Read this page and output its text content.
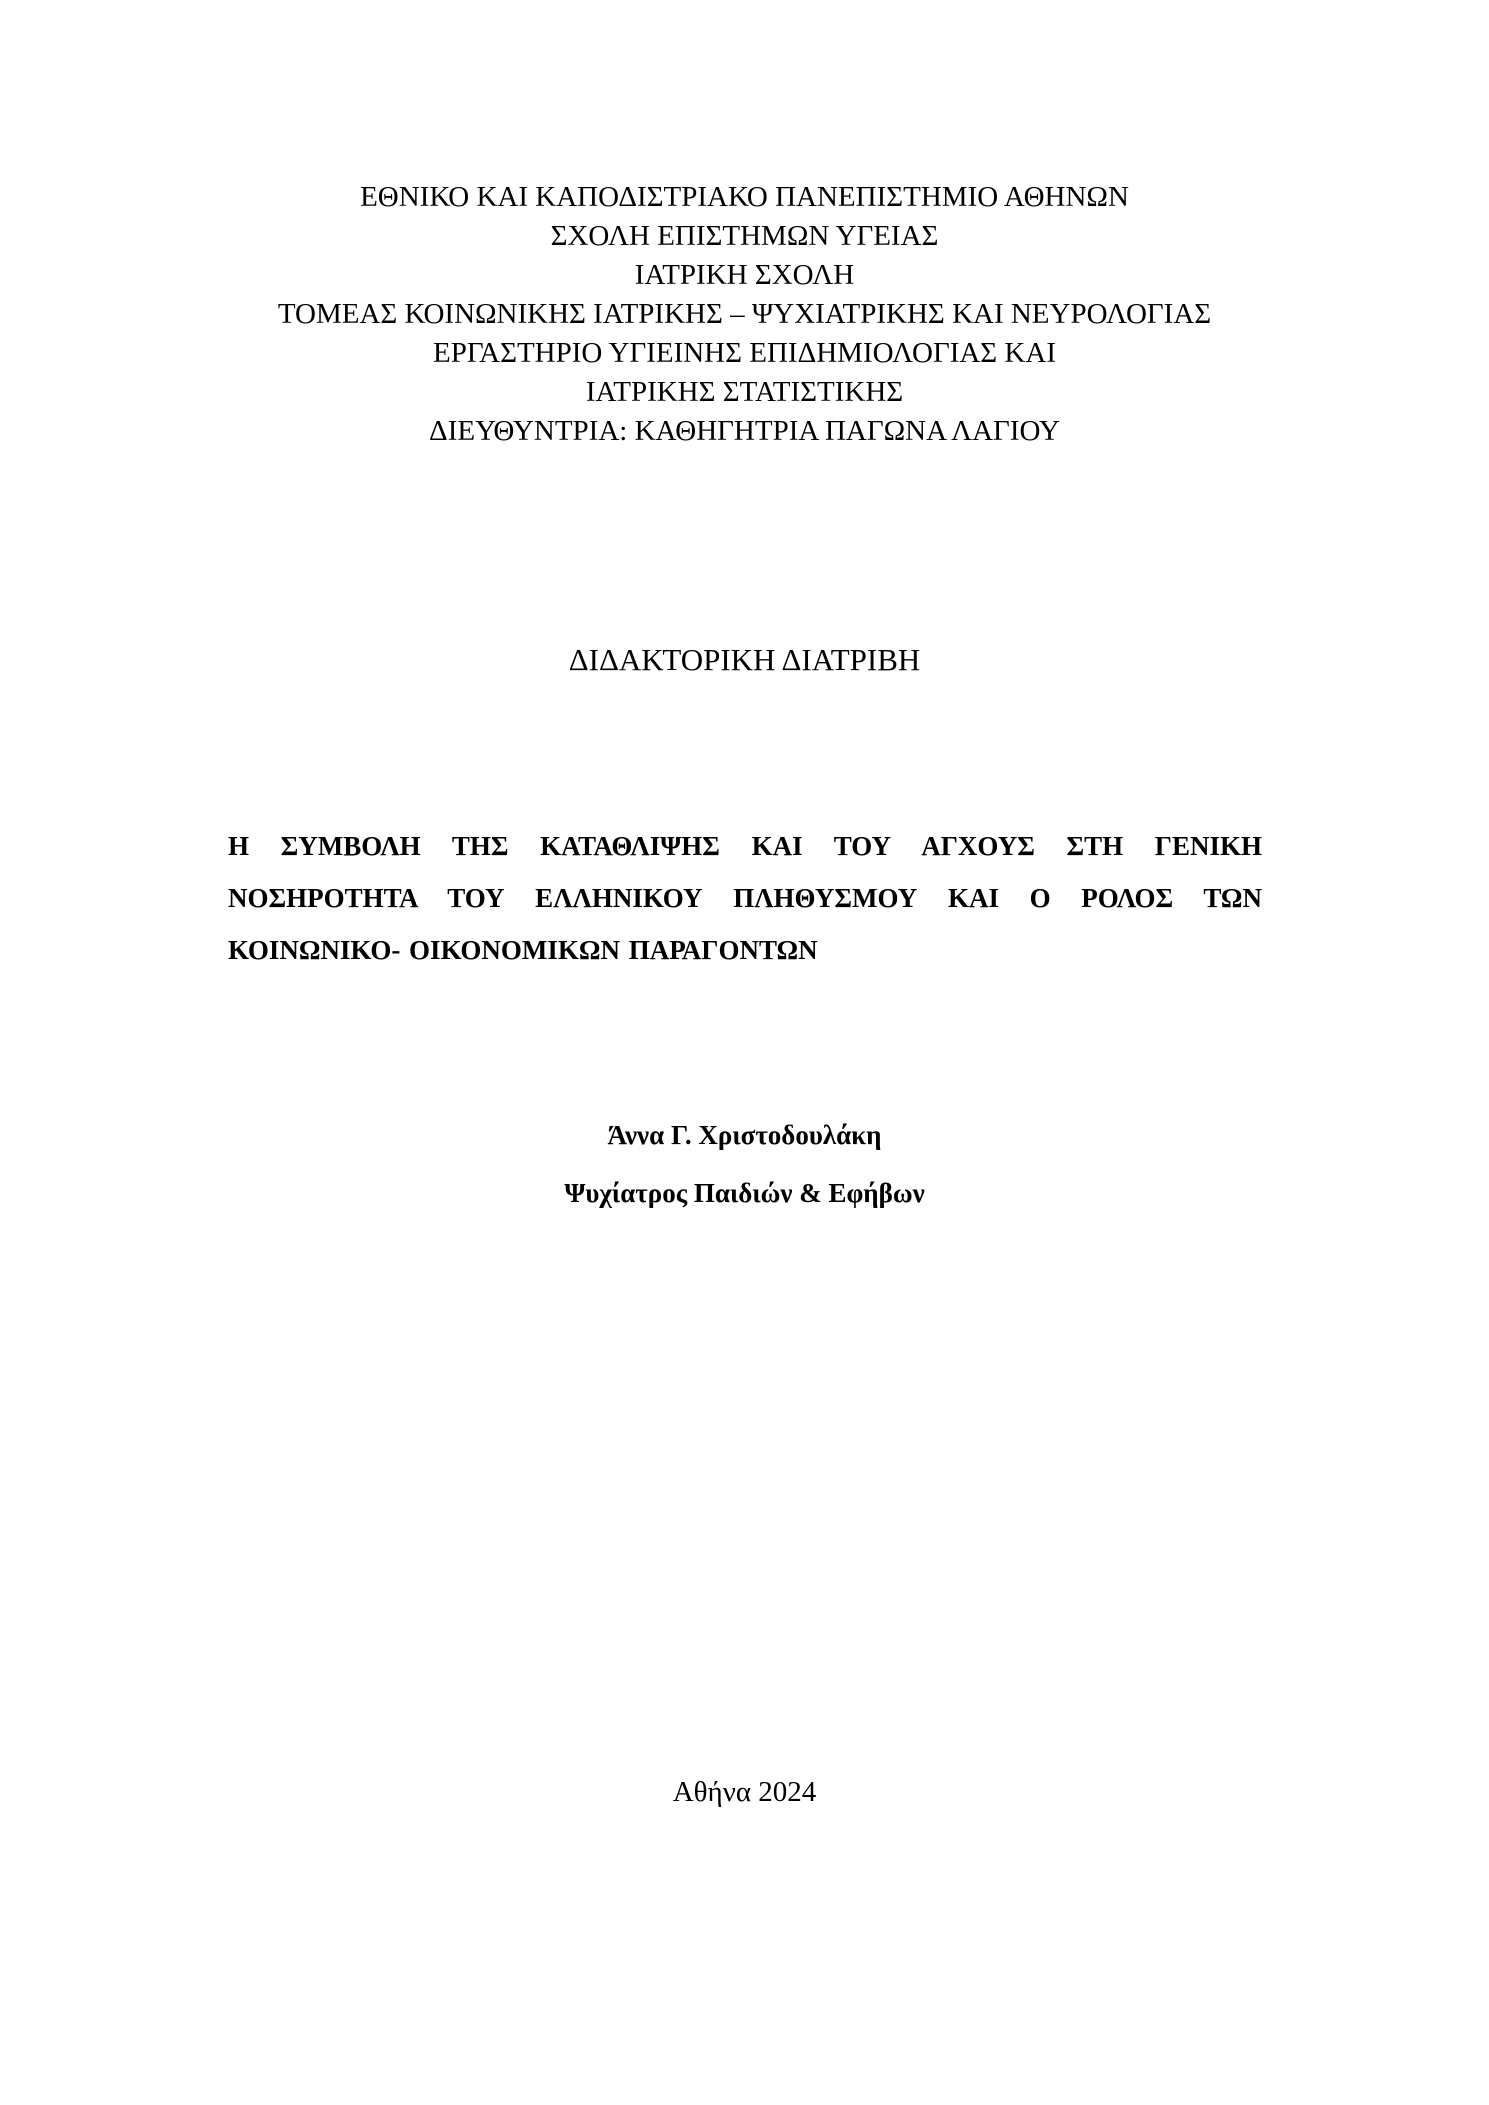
ΕΘΝΙΚΟ ΚΑΙ ΚΑΠΟΔΙΣΤΡΙΑΚΟ ΠΑΝΕΠΙΣΤΗΜΙΟ ΑΘΗΝΩΝ
ΣΧΟΛΗ ΕΠΙΣΤΗΜΩΝ ΥΓΕΙΑΣ
ΙΑΤΡΙΚΗ ΣΧΟΛΗ
ΤΟΜΕΑΣ ΚΟΙΝΩΝΙΚΗΣ ΙΑΤΡΙΚΗΣ – ΨΥΧΙΑΤΡΙΚΗΣ ΚΑΙ ΝΕΥΡΟΛΟΓΙΑΣ
ΕΡΓΑΣΤΗΡΙΟ ΥΓΙΕΙΝΗΣ ΕΠΙΔΗΜΙΟΛΟΓΙΑΣ ΚΑΙ
ΙΑΤΡΙΚΗΣ ΣΤΑΤΙΣΤΙΚΗΣ
ΔΙΕΥΘΥΝΤΡΙΑ: ΚΑΘΗΓΗΤΡΙΑ ΠΑΓΩΝΑ ΛΑΓΙΟΥ
ΔΙΔΑΚΤΟΡΙΚΗ ΔΙΑΤΡΙΒΗ
Η ΣΥΜΒΟΛΗ ΤΗΣ ΚΑΤΑΘΛΙΨΗΣ ΚΑΙ ΤΟΥ ΑΓΧΟΥΣ ΣΤΗ ΓΕΝΙΚΗ
ΝΟΣΗΡΟΤΗΤΑ ΤΟΥ ΕΛΛΗΝΙΚΟΥ ΠΛΗΘΥΣΜΟΥ ΚΑΙ Ο ΡΟΛΟΣ ΤΩΝ
ΚΟΙΝΩΝΙΚΟ- ΟΙΚΟΝΟΜΙΚΩΝ ΠΑΡΑΓΟΝΤΩΝ
Άννα Γ. Χριστοδουλάκη
Ψυχίατρος Παιδιών & Εφήβων
Αθήνα 2024
